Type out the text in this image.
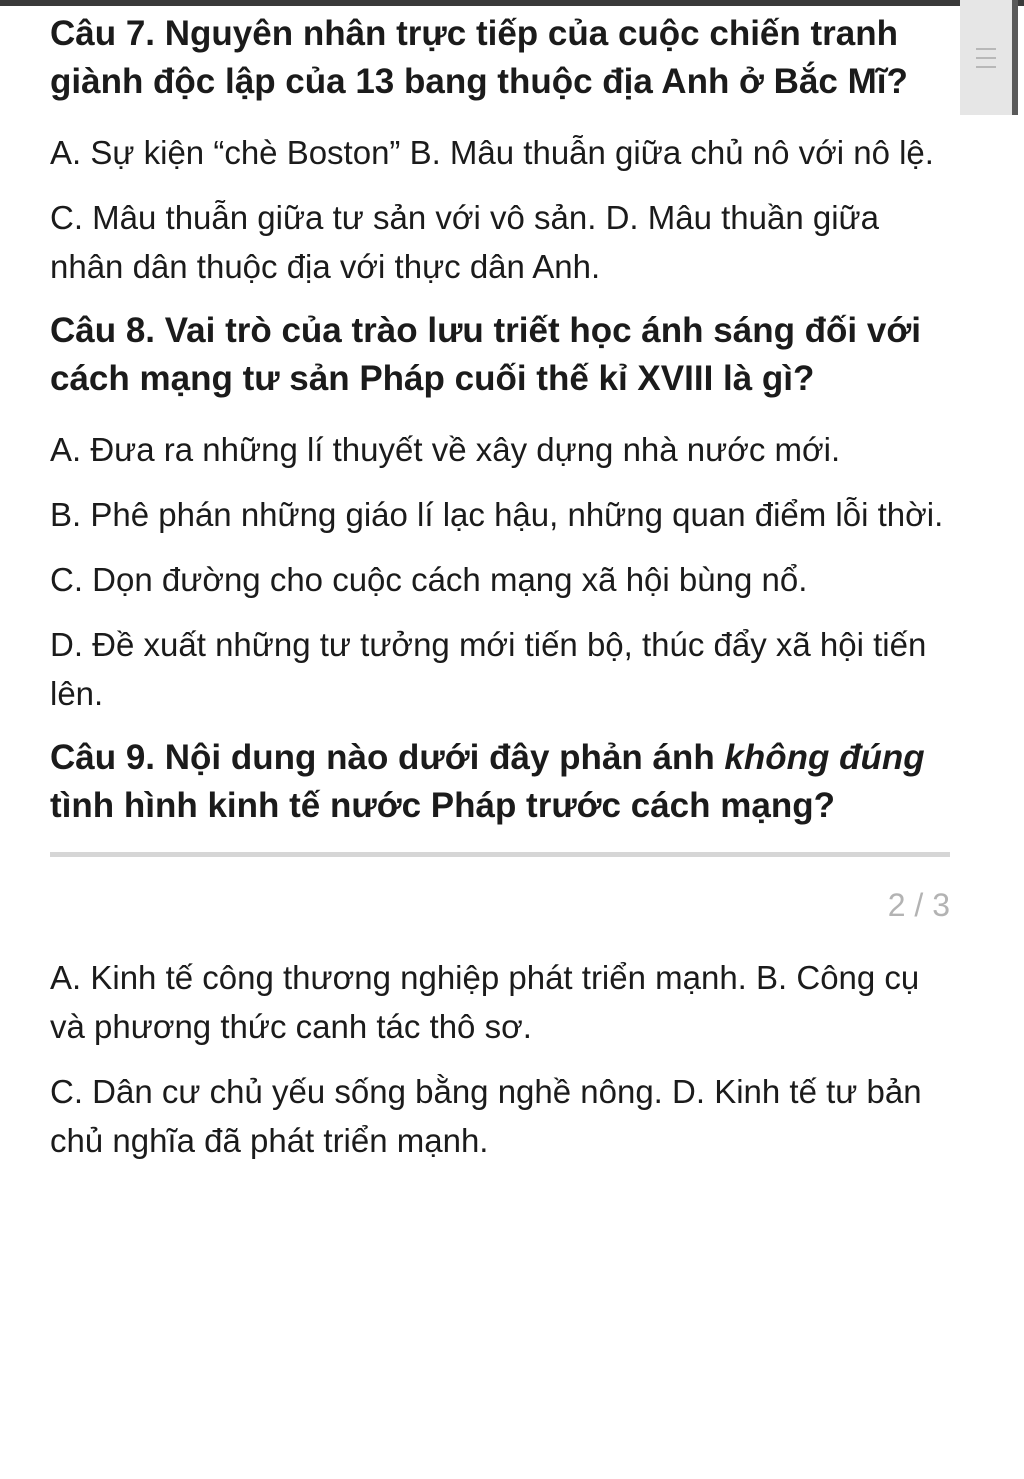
Câu 7. Nguyên nhân trực tiếp của cuộc chiến tranh giành độc lập của 13 bang thuộc địa Anh ở Bắc Mĩ?

A. Sự kiện “chè Boston” B. Mâu thuẫn giữa chủ nô với nô lệ.

C. Mâu thuẫn giữa tư sản với vô sản. D. Mâu thuần giữa nhân dân thuộc địa với thực dân Anh.

Câu 8. Vai trò của trào lưu triết học ánh sáng đối với cách mạng tư sản Pháp cuối thế kỉ XVIII là gì?

A. Đưa ra những lí thuyết về xây dựng nhà nước mới.

B. Phê phán những giáo lí lạc hậu, những quan điểm lỗi thời.

C. Dọn đường cho cuộc cách mạng xã hội bùng nổ.

D. Đề xuất những tư tưởng mới tiến bộ, thúc đẩy xã hội tiến lên.

Câu 9. Nội dung nào dưới đây phản ánh không đúng tình hình kinh tế nước Pháp trước cách mạng?

2 / 3

A. Kinh tế công thương nghiệp phát triển mạnh. B. Công cụ và phương thức canh tác thô sơ.

C. Dân cư chủ yếu sống bằng nghề nông. D. Kinh tế tư bản chủ nghĩa đã phát triển mạnh.
